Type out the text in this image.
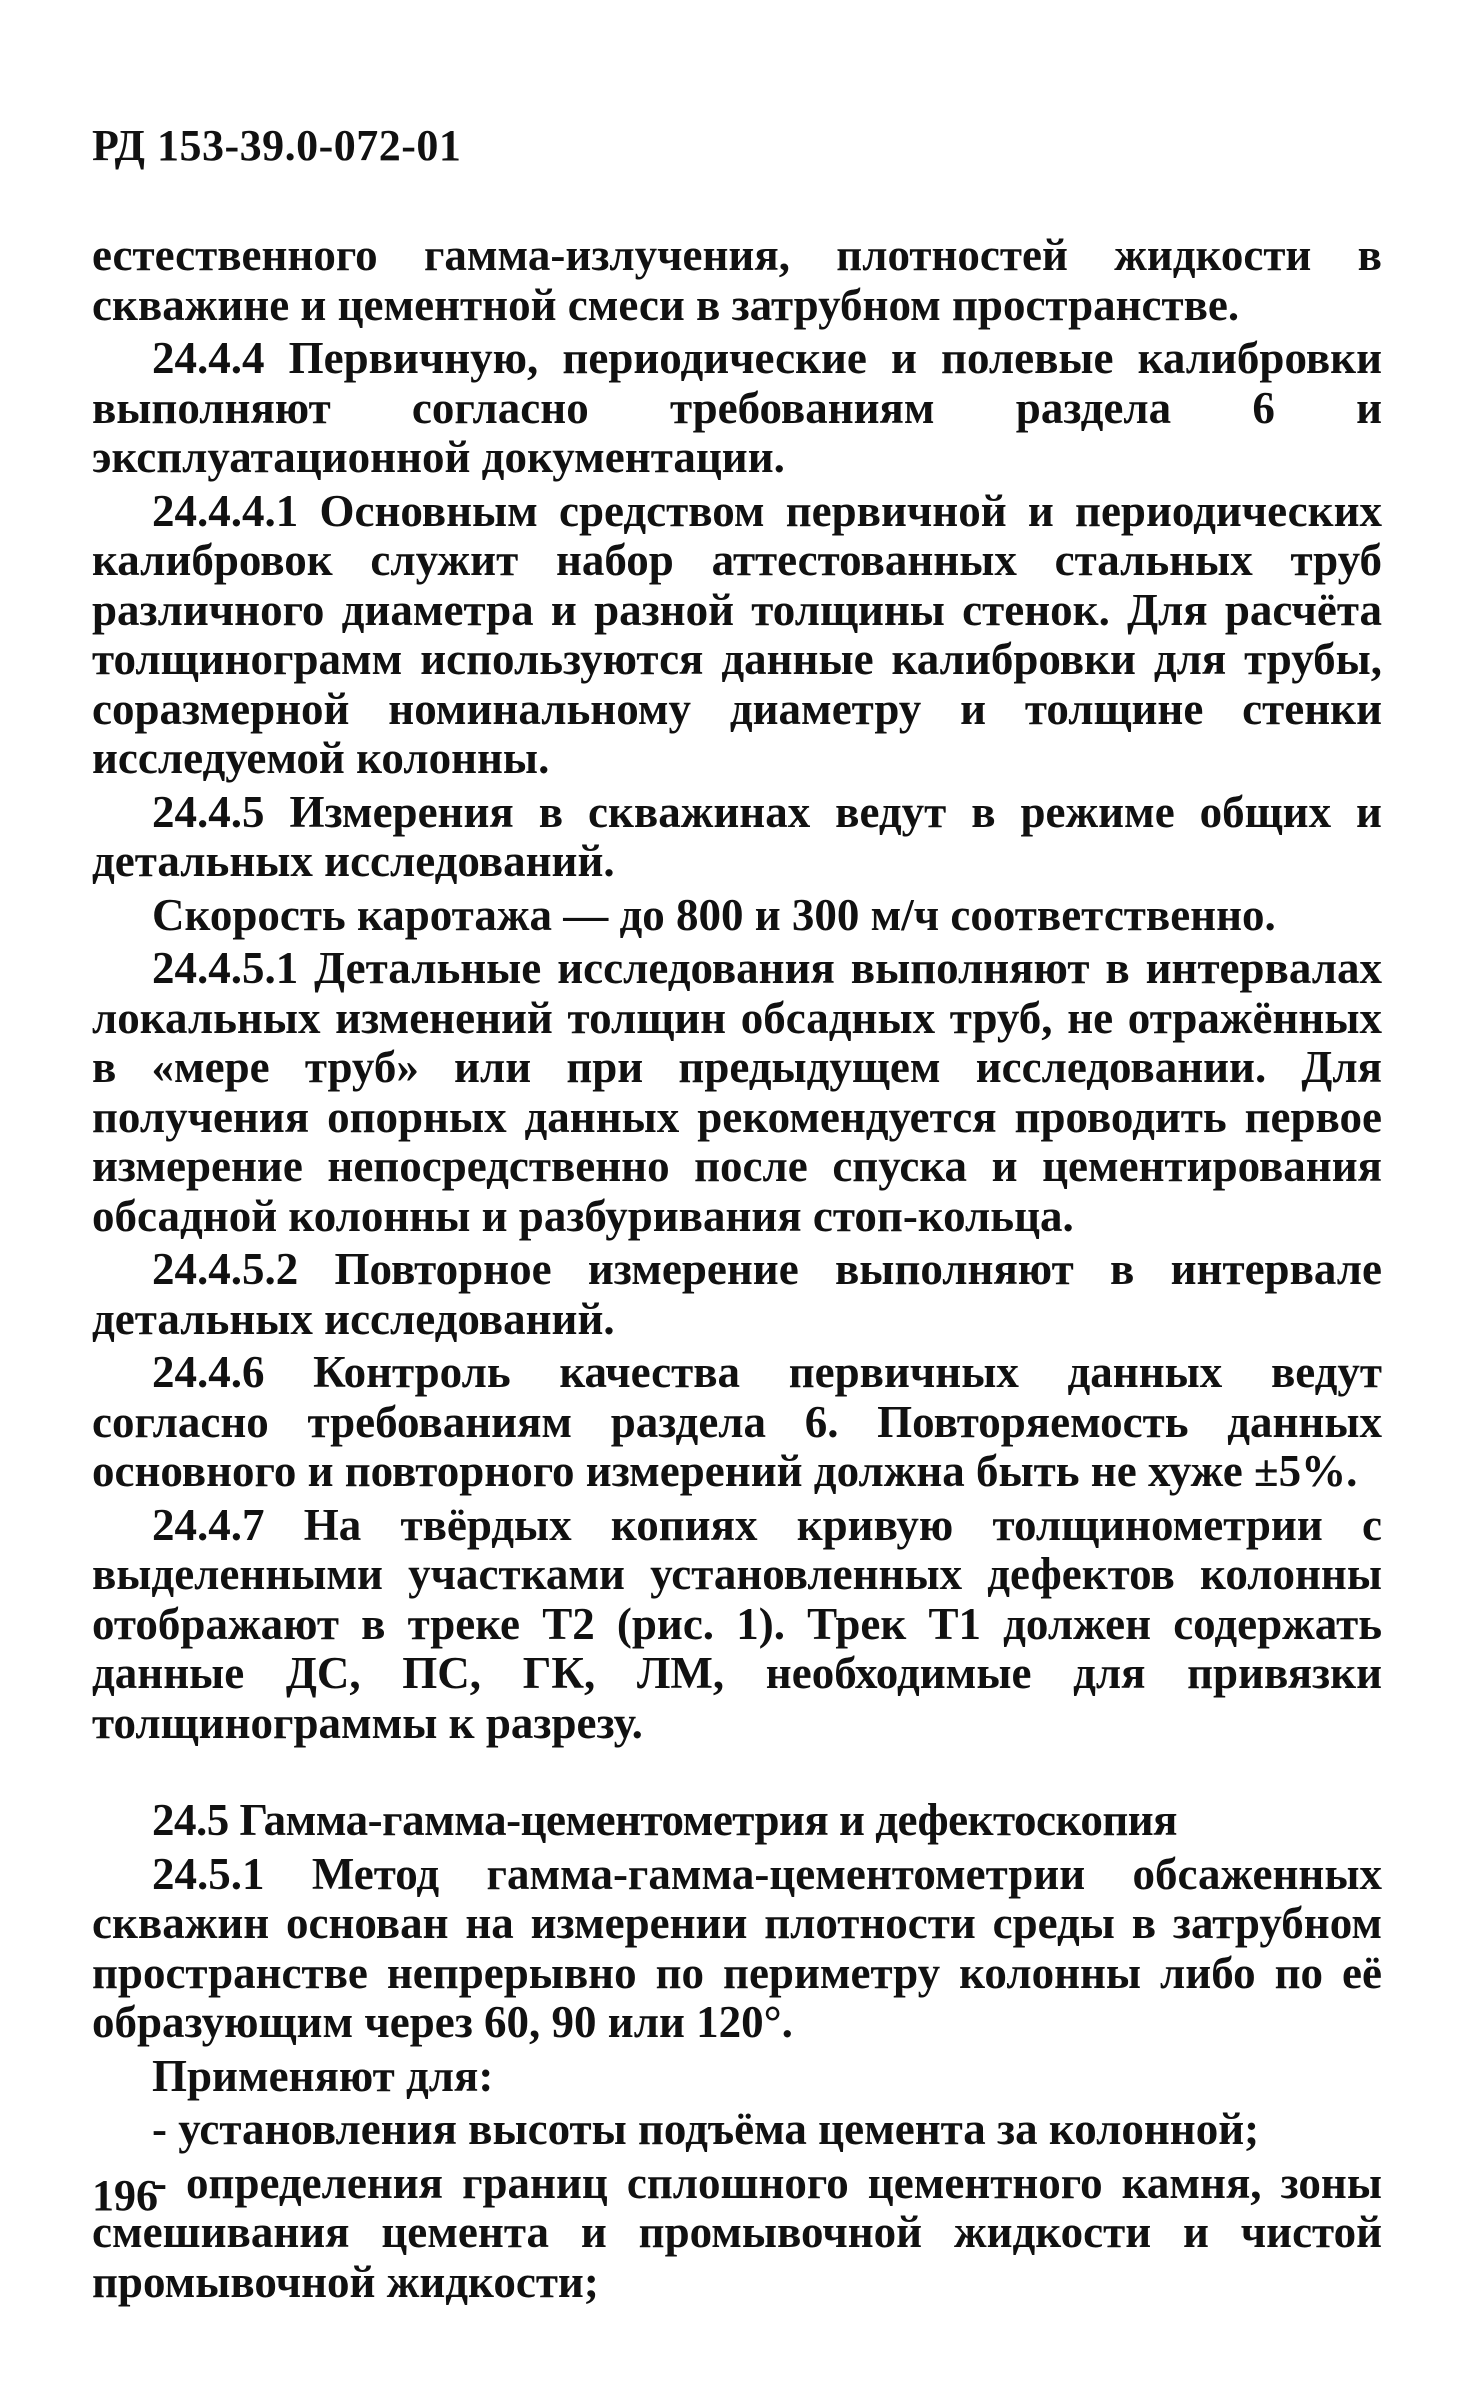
РД 153-39.0-072-01

естественного гамма-излучения, плотностей жидкости в скважине и цементной смеси в затрубном пространстве.

24.4.4 Первичную, периодические и полевые калибровки выполняют согласно требованиям раздела 6 и эксплуатационной документации.

24.4.4.1 Основным средством первичной и периодических калибровок служит набор аттестованных стальных труб различного диаметра и разной толщины стенок. Для расчёта толщинограмм используются данные калибровки для трубы, соразмерной номинальному диаметру и толщине стенки исследуемой колонны.

24.4.5 Измерения в скважинах ведут в режиме общих и детальных исследований.

Скорость каротажа — до 800 и 300 м/ч соответственно.

24.4.5.1 Детальные исследования выполняют в интервалах локальных изменений толщин обсадных труб, не отражённых в «мере труб» или при предыдущем исследовании. Для получения опорных данных рекомендуется проводить первое измерение непосредственно после спуска и цементирования обсадной колонны и разбуривания стоп-кольца.

24.4.5.2 Повторное измерение выполняют в интервале детальных исследований.

24.4.6 Контроль качества первичных данных ведут согласно требованиям раздела 6. Повторяемость данных основного и повторного измерений должна быть не хуже ±5%.

24.4.7 На твёрдых копиях кривую толщинометрии с выделенными участками установленных дефектов колонны отображают в треке Т2 (рис. 1). Трек Т1 должен содержать данные ДС, ПС, ГК, ЛМ, необходимые для привязки толщинограммы к разрезу.

24.5 Гамма-гамма-цементометрия и дефектоскопия

24.5.1 Метод гамма-гамма-цементометрии обсаженных скважин основан на измерении плотности среды в затрубном пространстве непрерывно по периметру колонны либо по её образующим через 60, 90 или 120°.

Применяют для:

- установления высоты подъёма цемента за колонной;

- определения границ сплошного цементного камня, зоны смешивания цемента и промывочной жидкости и чистой промывочной жидкости;

196
